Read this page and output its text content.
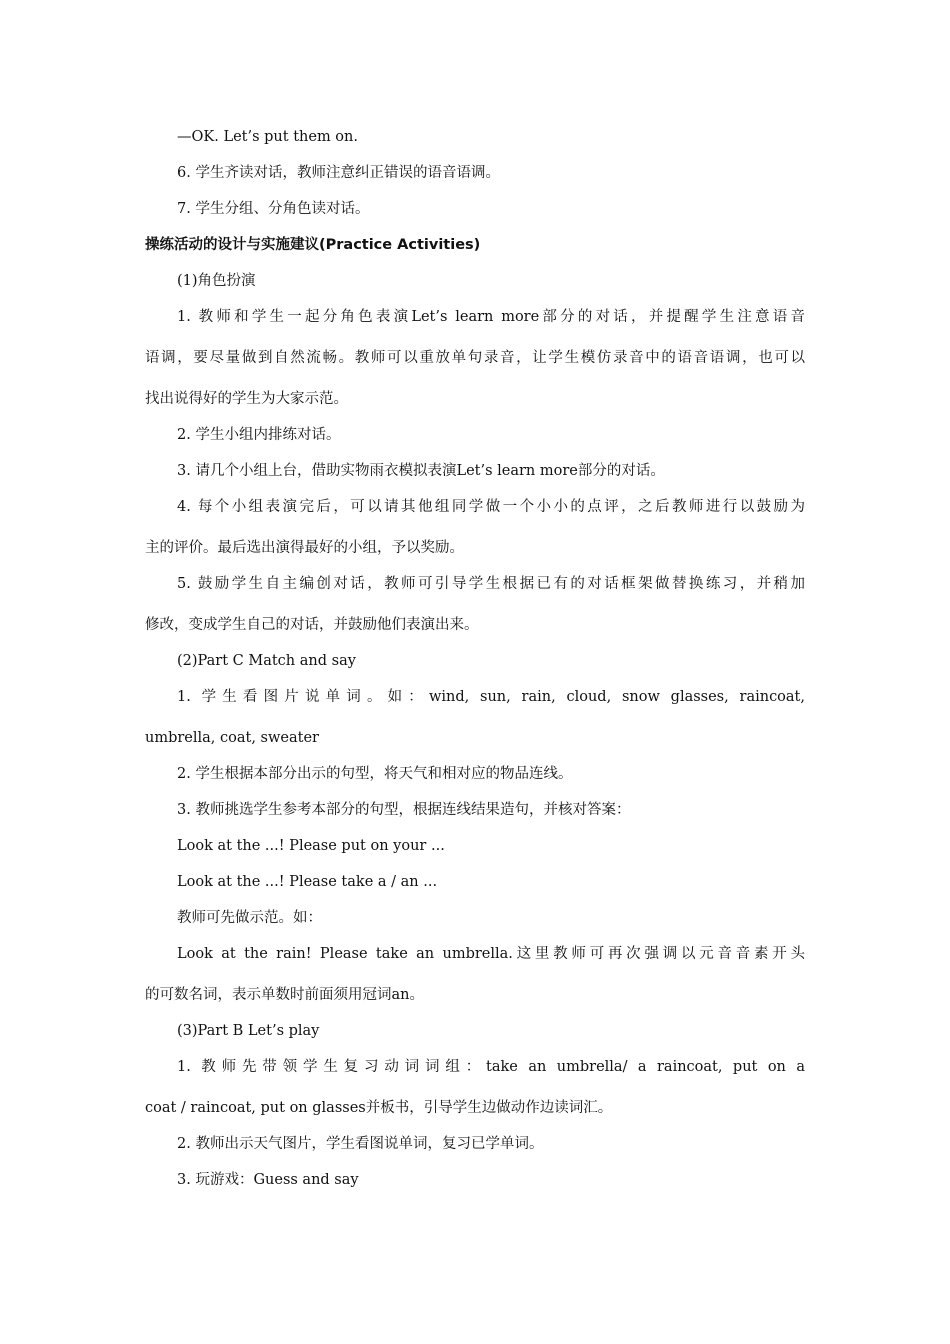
—OK. Let’s put them on.
6. 学生齐读对话，教师注意纠正错误的语音语调。
7. 学生分组、分角色读对话。
操练活动的设计与实施建议(Practice Activities)
(1)角色扮演
1. 教师和学生一起分角色表演Let’s learn more部分的对话，并提醒学生注意语音
语调，要尽量做到自然流畅。教师可以重放单句录音，让学生模仿录音中的语音语调，也可以
找出说得好的学生为大家示范。
2. 学生小组内排练对话。
3. 请几个小组上台，借助实物雨衣模拟表演Let’s learn more部分的对话。
4. 每个小组表演完后，可以请其他组同学做一个小小的点评，之后教师进行以鼓励为
主的评价。最后选出演得最好的小组，予以奖励。
5. 鼓励学生自主编创对话，教师可引导学生根据已有的对话框架做替换练习，并稍加
修改，变成学生自己的对话，并鼓励他们表演出来。
(2)Part C Match and say
1. 学生看图片说单词。如：wind, sun, rain, cloud, snow glasses, raincoat,
umbrella, coat, sweater
2. 学生根据本部分出示的句型，将天气和相对应的物品连线。
3. 教师挑选学生参考本部分的句型，根据连线结果造句，并核对答案：
Look at the ...! Please put on your ...
Look at the ...! Please take a / an ...
教师可先做示范。如：
Look at the rain! Please take an umbrella.这里教师可再次强调以元音音素开头
的可数名词，表示单数时前面须用冠词an。
(3)Part B Let’s play
1. 教师先带领学生复习动词词组：take an umbrella/ a raincoat, put on a
coat / raincoat, put on glasses并板书，引导学生边做动作边读词汇。
2. 教师出示天气图片，学生看图说单词，复习已学单词。
3. 玩游戏：Guess and say
